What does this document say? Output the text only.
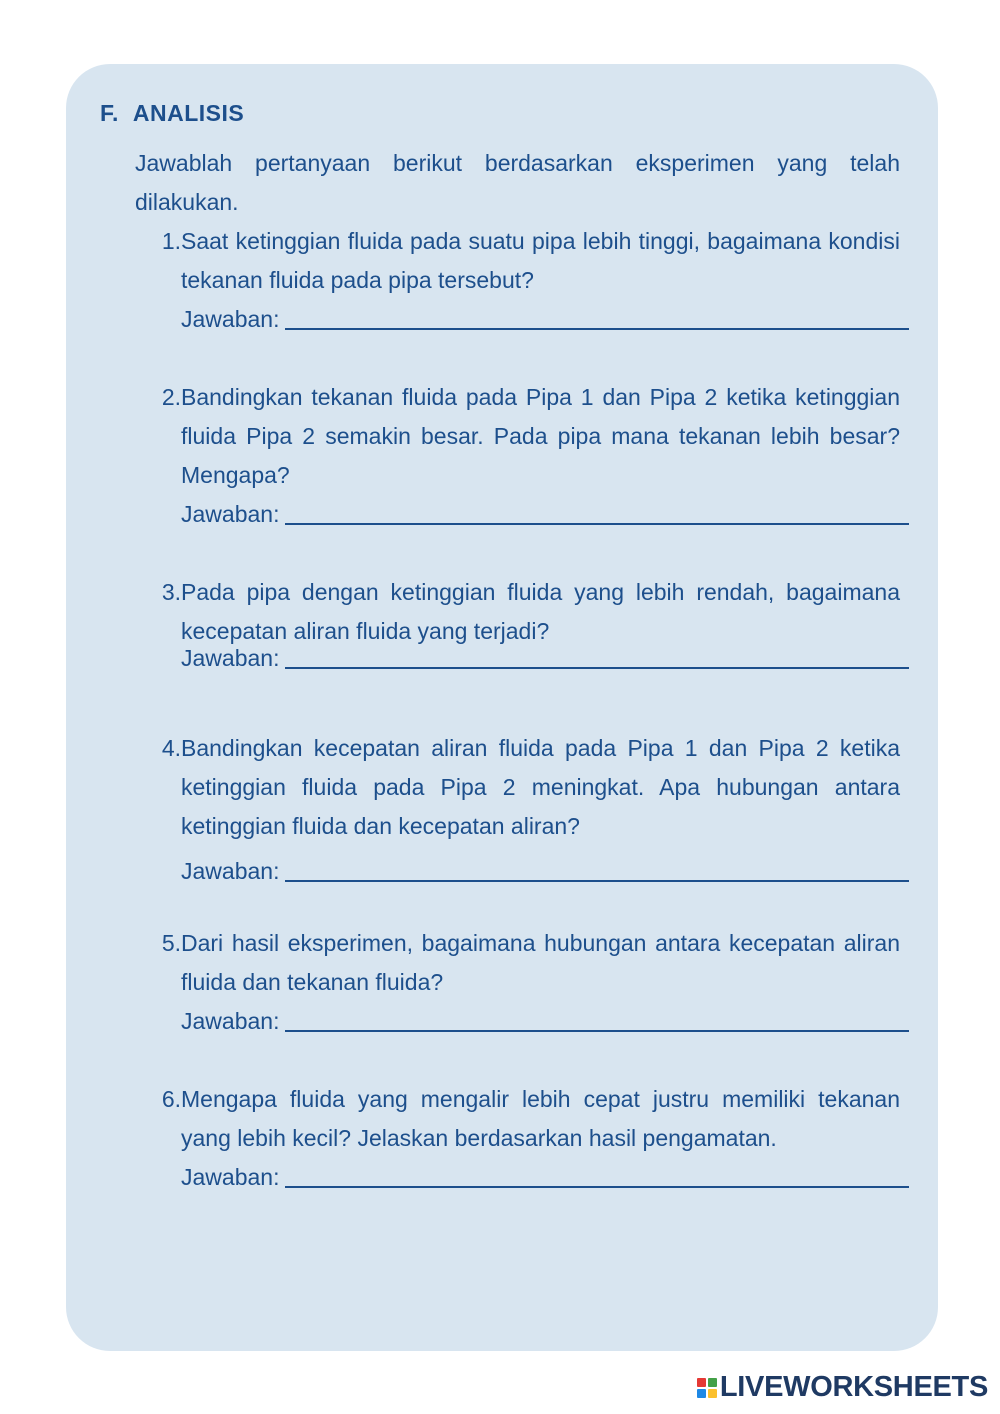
F. ANALISIS
Jawablah pertanyaan berikut berdasarkan eksperimen yang telah dilakukan.
1. Saat ketinggian fluida pada suatu pipa lebih tinggi, bagaimana kondisi tekanan fluida pada pipa tersebut?
Jawaban:
2. Bandingkan tekanan fluida pada Pipa 1 dan Pipa 2 ketika ketinggian fluida Pipa 2 semakin besar. Pada pipa mana tekanan lebih besar? Mengapa?
Jawaban:
3. Pada pipa dengan ketinggian fluida yang lebih rendah, bagaimana kecepatan aliran fluida yang terjadi?
Jawaban:
4. Bandingkan kecepatan aliran fluida pada Pipa 1 dan Pipa 2 ketika ketinggian fluida pada Pipa 2 meningkat. Apa hubungan antara ketinggian fluida dan kecepatan aliran?
Jawaban:
5. Dari hasil eksperimen, bagaimana hubungan antara kecepatan aliran fluida dan tekanan fluida?
Jawaban:
6. Mengapa fluida yang mengalir lebih cepat justru memiliki tekanan yang lebih kecil? Jelaskan berdasarkan hasil pengamatan.
Jawaban:
LIVEWORKSHEETS
